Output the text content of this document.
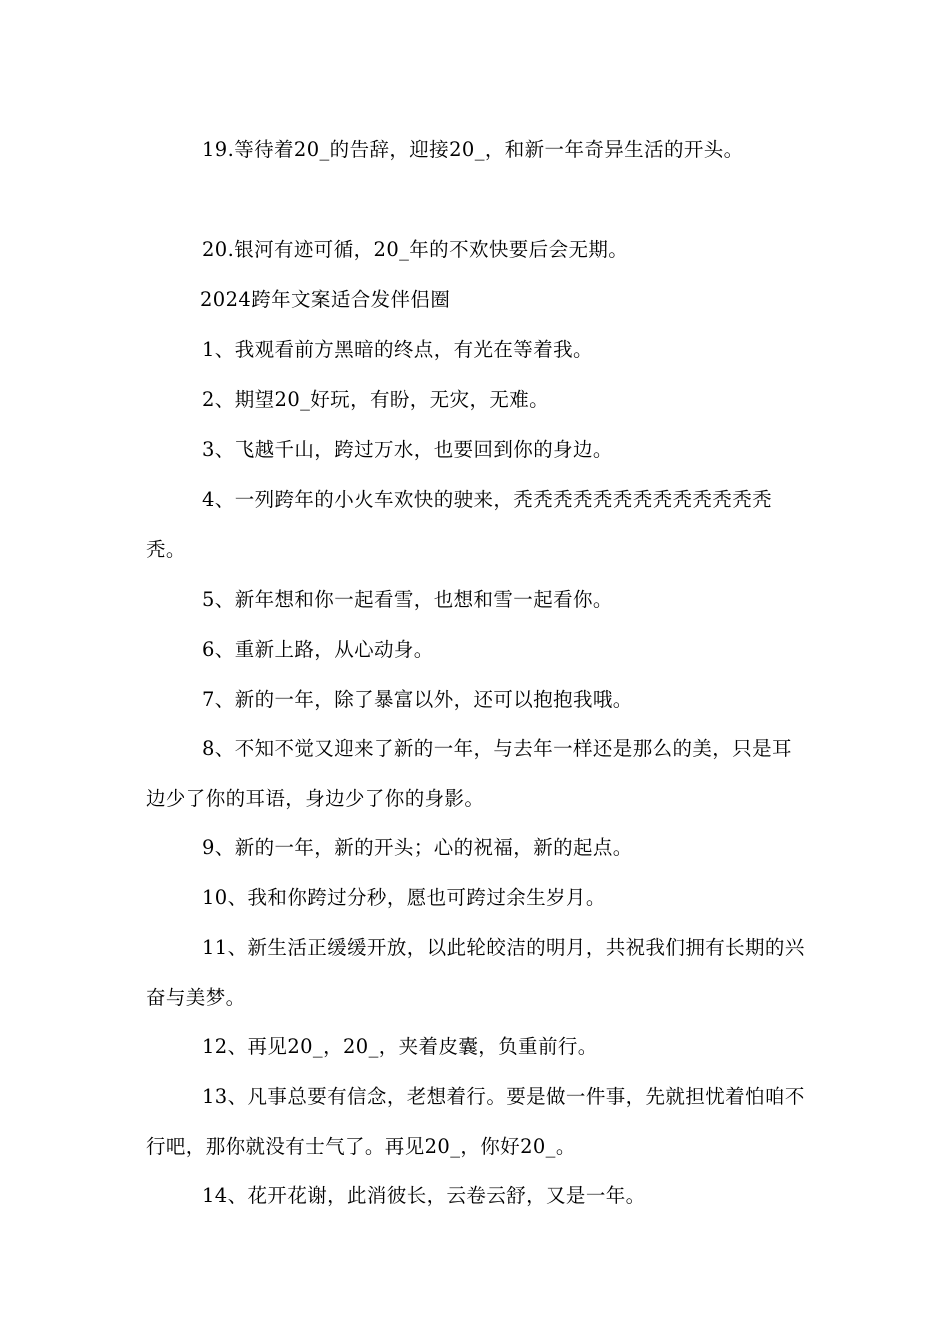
19.等待着20_的告辞，迎接20_，和新一年奇异生活的开头。

20.银河有迹可循，20_年的不欢快要后会无期。

2024跨年文案适合发伴侣圈

1、我观看前方黑暗的终点，有光在等着我。

2、期望20_好玩，有盼，无灾，无难。

3、飞越千山，跨过万水，也要回到你的身边。

4、一列跨年的小火车欢快的驶来，秃秃秃秃秃秃秃秃秃秃秃秃秃秃。

5、新年想和你一起看雪，也想和雪一起看你。

6、重新上路，从心动身。

7、新的一年，除了暴富以外，还可以抱抱我哦。

8、不知不觉又迎来了新的一年，与去年一样还是那么的美，只是耳边少了你的耳语，身边少了你的身影。

9、新的一年，新的开头；心的祝福，新的起点。

10、我和你跨过分秒，愿也可跨过余生岁月。

11、新生活正缓缓开放，以此轮皎洁的明月，共祝我们拥有长期的兴奋与美梦。

12、再见20_，20_，夹着皮囊，负重前行。

13、凡事总要有信念，老想着行。要是做一件事，先就担忧着怕咱不行吧，那你就没有士气了。再见20_，你好20_。

14、花开花谢，此消彼长，云卷云舒，又是一年。
